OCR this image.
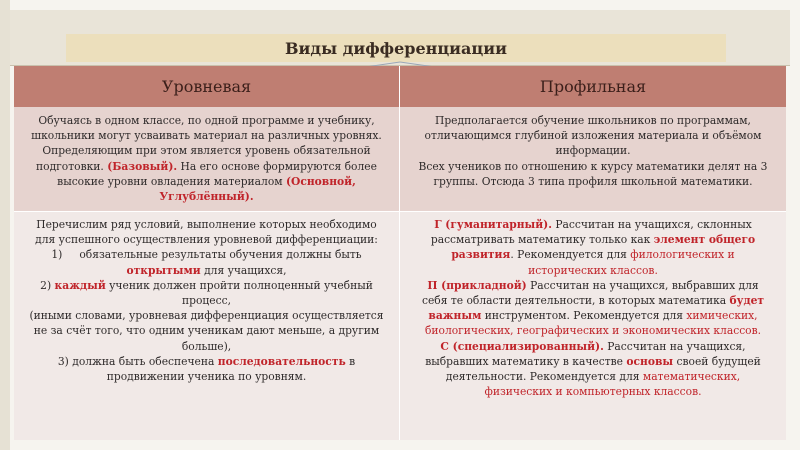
Виды дифференциации
Уровневая	Профильная

Обучаясь в одном классе, по одной программе и учебнику, школьники могут усваивать материал на различных уровнях. Определяющим при этом является уровень обязательной подготовки. (Базовый). На его основе формируются более высокие уровни овладения материалом (Основной, Углублённый).

Предполагается обучение школьников по программам, отличающимся глубиной изложения материала и объёмом информации.

Всех учеников по отношению к курсу математики делят на 3 группы. Отсюда 3 типа профиля школьной математики.

Перечислим ряд условий, выполнение которых необходимо для успешного осуществления уровневой дифференциации:

1) обязательные результаты обучения должны быть открытыми для учащихся,

2) каждый ученик должен пройти полноценный учебный процесс,

(иными словами, уровневая дифференциация осуществляется не за счёт того, что одним ученикам дают меньше, а другим больше),

3) должна быть обеспечена последовательность в продвижении ученика по уровням.

Г (гуманитарный). Рассчитан на учащихся, склонных рассматривать математику только как элемент общего развития. Рекомендуется для филологических и исторических классов.

П (прикладной) Рассчитан на учащихся, выбравших для себя те области деятельности, в которых математика будет важным инструментом. Рекомендуется для химических, биологических, географических и экономических классов.

С (специализированный). Рассчитан на учащихся, выбравших математику в качестве основы своей будущей деятельности. Рекомендуется для математических, физических и компьютерных классов.
